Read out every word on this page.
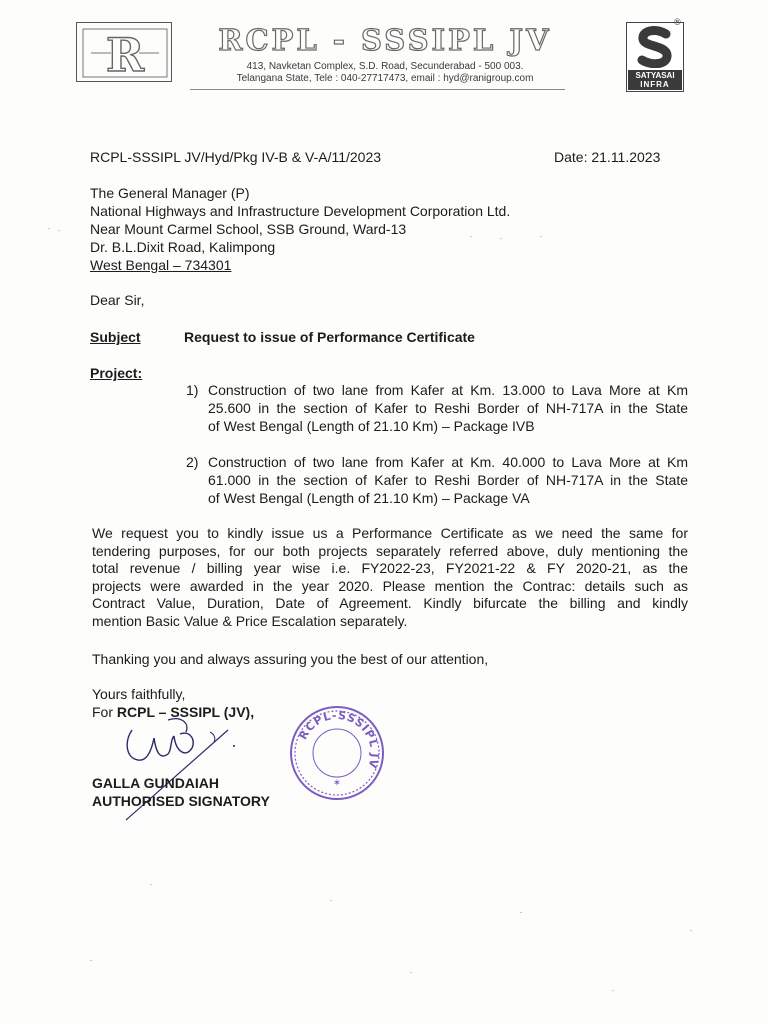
R	RCPL - SSSIPL JV
413, Navketan Complex, S.D. Road, Secunderabad - 500 003.
Telangana State, Tele : 040-27717473, email : hyd@ranigroup.com	SATYASAI
INFRA
®
RCPL-SSSIPL JV/Hyd/Pkg IV-B & V-A/11/2023	Date: 21.11.2023
The General Manager (P)
National Highways and Infrastructure Development Corporation Ltd.
Near Mount Carmel School, SSB Ground, Ward-13
Dr. B.L.Dixit Road, Kalimpong
West Bengal – 734301
Dear Sir,
Subject	Request to issue of Performance Certificate
Project:
1) Construction of two lane from Kafer at Km. 13.000 to Lava More at Km
25.600 in the section of Kafer to Reshi Border of NH-717A in the State
of West Bengal (Length of 21.10 Km) – Package IVB
2) Construction of two lane from Kafer at Km. 40.000 to Lava More at Km
61.000 in the section of Kafer to Reshi Border of NH-717A in the State
of West Bengal (Length of 21.10 Km) – Package VA
We request you to kindly issue us a Performance Certificate as we need the same for
tendering purposes, for our both projects separately referred above, duly mentioning the
total revenue / billing year wise i.e. FY2022-23, FY2021-22 & FY 2020-21, as the
projects were awarded in the year 2020. Please mention the Contrac: details such as
Contract Value, Duration, Date of Agreement. Kindly bifurcate the billing and kindly
mention Basic Value & Price Escalation separately.
Thanking you and always assuring you the best of our attention,
Yours faithfully,
For RCPL – SSSIPL (JV),
RCPL-SSSIPL JV
✶
GALLA GUNDAIAH
AUTHORISED SIGNATORY
